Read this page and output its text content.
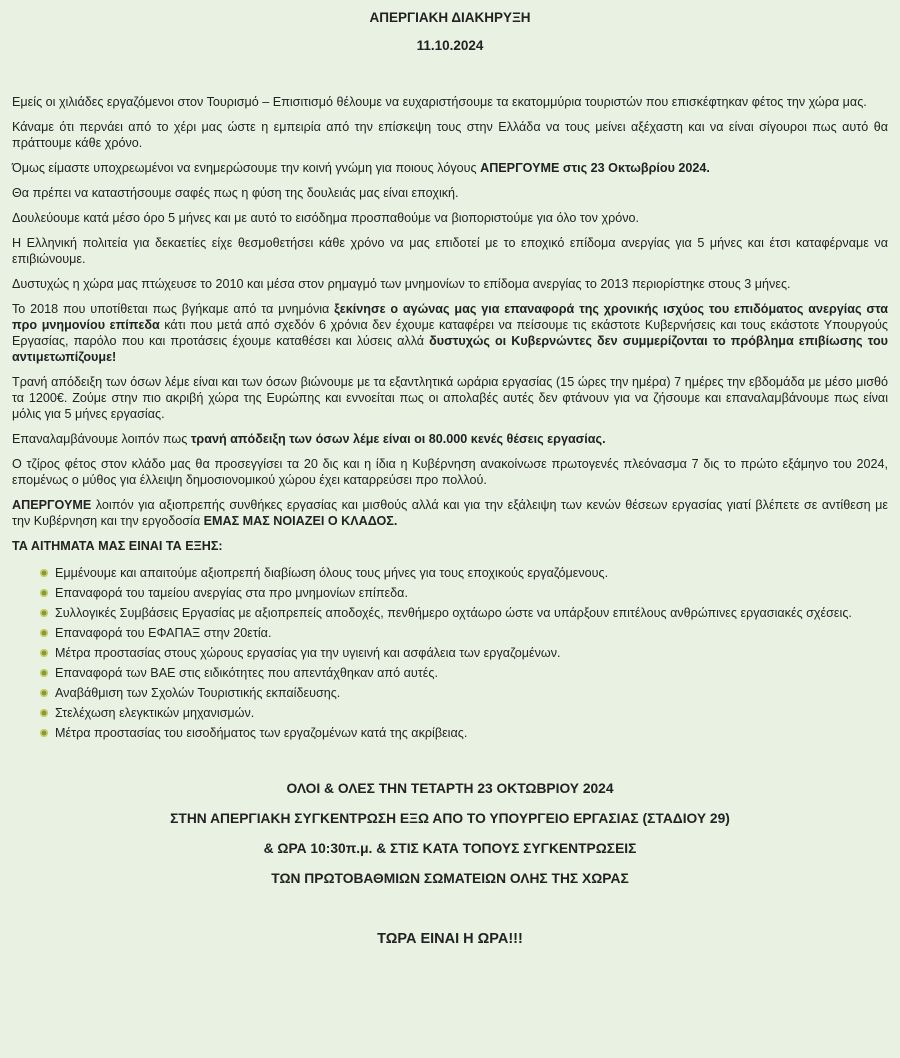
ΑΠΕΡΓΙΑΚΗ ΔΙΑΚΗΡΥΞΗ
11.10.2024

Εμείς οι χιλιάδες εργαζόμενοι στον Τουρισμό – Επισιτισμό θέλουμε να ευχαριστήσουμε τα εκατομμύρια τουριστών που επισκέφτηκαν φέτος την χώρα μας.

Κάναμε ότι περνάει από το χέρι μας ώστε η εμπειρία από την επίσκεψη τους στην Ελλάδα να τους μείνει αξέχαστη και να είναι σίγουροι πως αυτό θα πράττουμε κάθε χρόνο.

Όμως είμαστε υποχρεωμένοι να ενημερώσουμε την κοινή γνώμη για ποιους λόγους ΑΠΕΡΓΟΥΜΕ στις 23 Οκτωβρίου 2024.

Θα πρέπει να καταστήσουμε σαφές πως η φύση της δουλειάς μας είναι εποχική.

Δουλεύουμε κατά μέσο όρο 5 μήνες και με αυτό το εισόδημα προσπαθούμε να βιοποριστούμε για όλο τον χρόνο.

Η Ελληνική πολιτεία για δεκαετίες είχε θεσμοθετήσει κάθε χρόνο να μας επιδοτεί με το εποχικό επίδομα ανεργίας για 5 μήνες και έτσι καταφέρναμε να επιβιώνουμε.

Δυστυχώς η χώρα μας πτώχευσε το 2010 και μέσα στον ρημαγμό των μνημονίων το επίδομα ανεργίας το 2013 περιορίστηκε στους 3 μήνες.

Το 2018 που υποτίθεται πως βγήκαμε από τα μνημόνια ξεκίνησε ο αγώνας μας για επαναφορά της χρονικής ισχύος του επιδόματος ανεργίας στα προ μνημονίου επίπεδα κάτι που μετά από σχεδόν 6 χρόνια δεν έχουμε καταφέρει να πείσουμε τις εκάστοτε Κυβερνήσεις και τους εκάστοτε Υπουργούς Εργασίας, παρόλο που και προτάσεις έχουμε καταθέσει και λύσεις αλλά δυστυχώς οι Κυβερνώντες δεν συμμερίζονται το πρόβλημα επιβίωσης του αντιμετωπίζουμε!

Τρανή απόδειξη των όσων λέμε είναι και των όσων βιώνουμε με τα εξαντλητικά ωράρια εργασίας (15 ώρες την ημέρα) 7 ημέρες την εβδομάδα με μέσο μισθό τα 1200€. Ζούμε στην πιο ακριβή χώρα της Ευρώπης και εννοείται πως οι απολαβές αυτές δεν φτάνουν για να ζήσουμε και επαναλαμβάνουμε πως είναι μόλις για 5 μήνες εργασίας.

Επαναλαμβάνουμε λοιπόν πως τρανή απόδειξη των όσων λέμε είναι οι 80.000 κενές θέσεις εργασίας.

Ο τζίρος φέτος στον κλάδο μας θα προσεγγίσει τα 20 δις και η ίδια η Κυβέρνηση ανακοίνωσε πρωτογενές πλεόνασμα 7 δις το πρώτο εξάμηνο του 2024, επομένως ο μύθος για έλλειψη δημοσιονομικού χώρου έχει καταρρεύσει προ πολλού.

ΑΠΕΡΓΟΥΜΕ λοιπόν για αξιοπρεπής συνθήκες εργασίας και μισθούς αλλά και για την εξάλειψη των κενών θέσεων εργασίας γιατί βλέπετε σε αντίθεση με την Κυβέρνηση και την εργοδοσία ΕΜΑΣ ΜΑΣ ΝΟΙΑΖΕΙ Ο ΚΛΑΔΟΣ.

ΤΑ ΑΙΤΗΜΑΤΑ ΜΑΣ ΕΙΝΑΙ ΤΑ ΕΞΗΣ:
Εμμένουμε και απαιτούμε αξιοπρεπή διαβίωση όλους τους μήνες για τους εποχικούς εργαζόμενους.
Επαναφορά του ταμείου ανεργίας στα προ μνημονίων επίπεδα.
Συλλογικές Συμβάσεις Εργασίας με αξιοπρεπείς αποδοχές, πενθήμερο οχτάωρο ώστε να υπάρξουν επιτέλους ανθρώπινες εργασιακές σχέσεις.
Επαναφορά του ΕΦΑΠΑΞ στην 20ετία.
Μέτρα προστασίας στους χώρους εργασίας για την υγιεινή και ασφάλεια των εργαζομένων.
Επαναφορά των ΒΑΕ στις ειδικότητες που απεντάχθηκαν από αυτές.
Αναβάθμιση των Σχολών Τουριστικής εκπαίδευσης.
Στελέχωση ελεγκτικών μηχανισμών.
Μέτρα προστασίας του εισοδήματος των εργαζομένων κατά της ακρίβειας.
ΟΛΟΙ & ΟΛΕΣ ΤΗΝ ΤΕΤΑΡΤΗ 23 ΟΚΤΩΒΡΙΟΥ 2024
ΣΤΗΝ ΑΠΕΡΓΙΑΚΗ ΣΥΓΚΕΝΤΡΩΣΗ ΕΞΩ ΑΠΟ ΤΟ ΥΠΟΥΡΓΕΙΟ ΕΡΓΑΣΙΑΣ (ΣΤΑΔΙΟΥ 29)
& ΩΡΑ 10:30π.μ. & ΣΤΙΣ ΚΑΤΑ ΤΟΠΟΥΣ ΣΥΓΚΕΝΤΡΩΣΕΙΣ
ΤΩΝ ΠΡΩΤΟΒΑΘΜΙΩΝ ΣΩΜΑΤΕΙΩΝ ΟΛΗΣ ΤΗΣ ΧΩΡΑΣ
ΤΩΡΑ ΕΙΝΑΙ Η ΩΡΑ!!!
